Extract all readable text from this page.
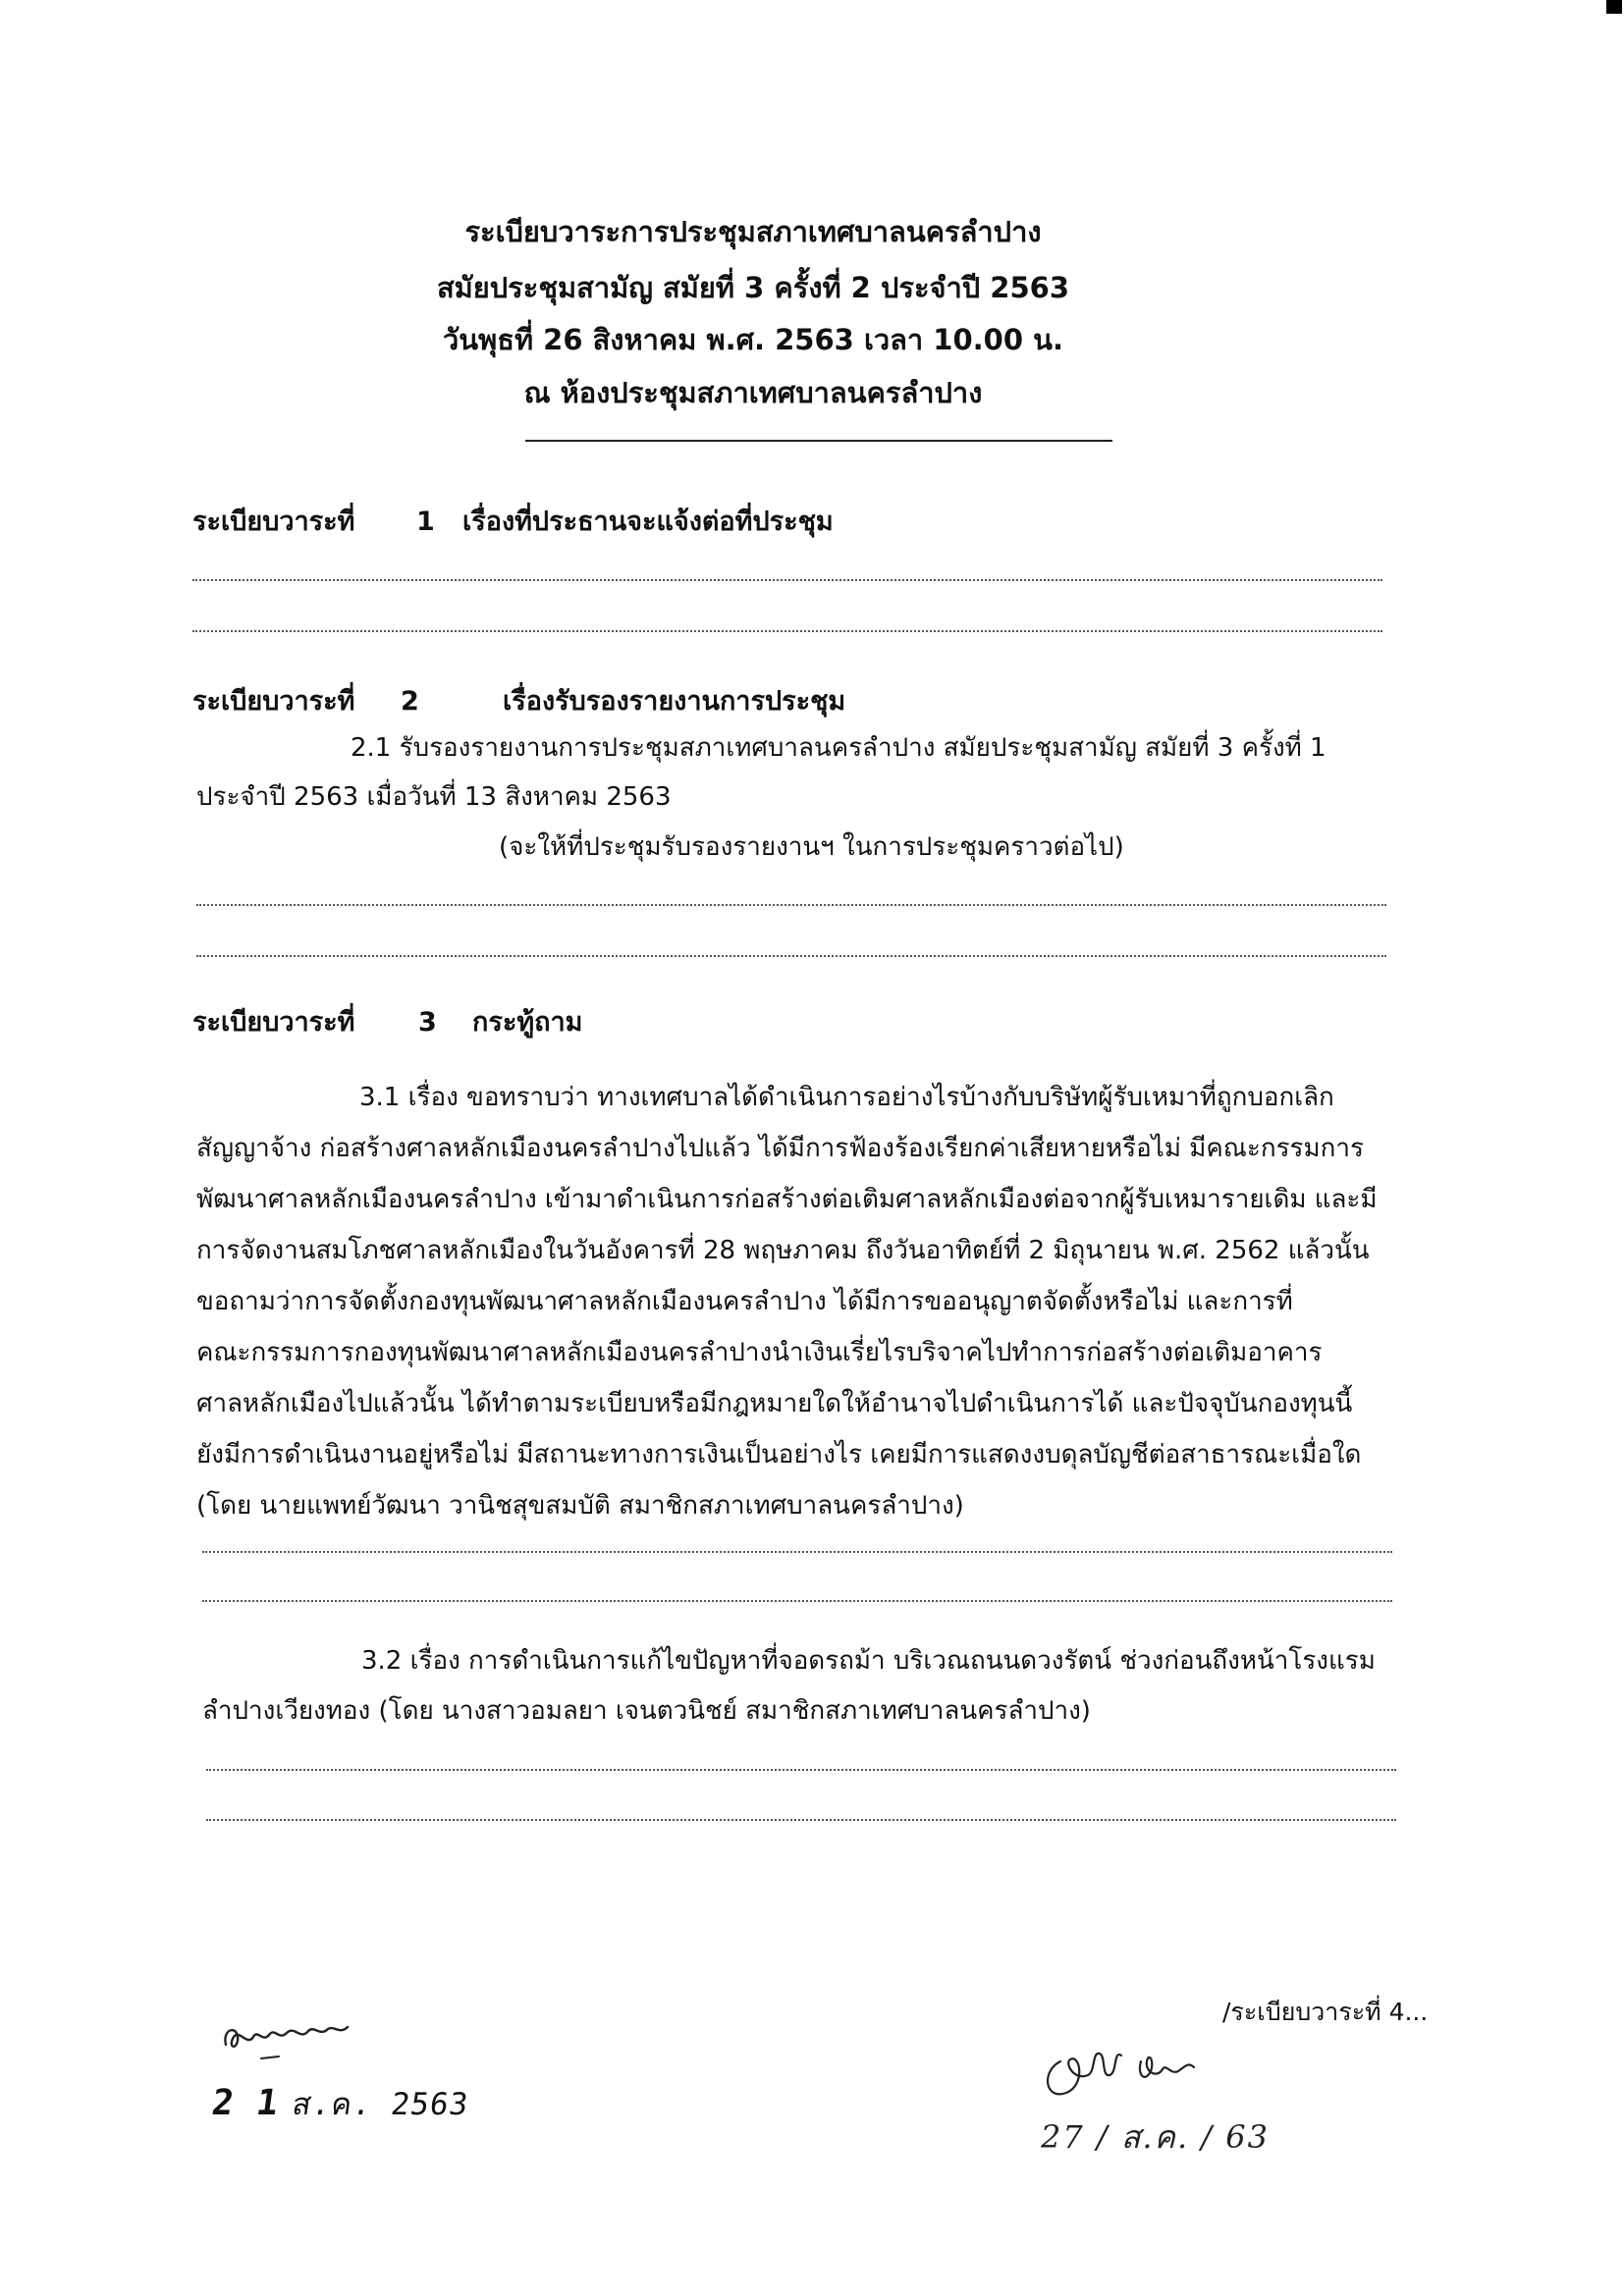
ระเบียบวาระการประชุมสภาเทศบาลนครลำปาง
สมัยประชุมสามัญ สมัยที่ 3 ครั้งที่ 2 ประจำปี 2563
วันพุธที่ 26 สิงหาคม พ.ศ. 2563 เวลา 10.00 น.
ณ ห้องประชุมสภาเทศบาลนครลำปาง
ระเบียบวาระที่ 1 เรื่องที่ประธานจะแจ้งต่อที่ประชุม
ระเบียบวาระที่ 2	เรื่องรับรองรายงานการประชุม
2.1 รับรองรายงานการประชุมสภาเทศบาลนครลำปาง สมัยประชุมสามัญ สมัยที่ 3 ครั้งที่ 1
ประจำปี 2563 เมื่อวันที่ 13 สิงหาคม 2563
(จะให้ที่ประชุมรับรองรายงานฯ ในการประชุมคราวต่อไป)
ระเบียบวาระที่ 3 กระทู้ถาม
3.1 เรื่อง ขอทราบว่า ทางเทศบาลได้ดำเนินการอย่างไรบ้างกับบริษัทผู้รับเหมาที่ถูกบอกเลิก
สัญญาจ้าง ก่อสร้างศาลหลักเมืองนครลำปางไปแล้ว ได้มีการฟ้องร้องเรียกค่าเสียหายหรือไม่ มีคณะกรรมการ
พัฒนาศาลหลักเมืองนครลำปาง เข้ามาดำเนินการก่อสร้างต่อเติมศาลหลักเมืองต่อจากผู้รับเหมารายเดิม และมี
การจัดงานสมโภชศาลหลักเมืองในวันอังคารที่ 28 พฤษภาคม ถึงวันอาทิตย์ที่ 2 มิถุนายน พ.ศ. 2562 แล้วนั้น
ขอถามว่าการจัดตั้งกองทุนพัฒนาศาลหลักเมืองนครลำปาง ได้มีการขออนุญาตจัดตั้งหรือไม่ และการที่
คณะกรรมการกองทุนพัฒนาศาลหลักเมืองนครลำปางนำเงินเรี่ยไรบริจาคไปทำการก่อสร้างต่อเติมอาคาร
ศาลหลักเมืองไปแล้วนั้น ได้ทำตามระเบียบหรือมีกฎหมายใดให้อำนาจไปดำเนินการได้ และปัจจุบันกองทุนนี้
ยังมีการดำเนินงานอยู่หรือไม่ มีสถานะทางการเงินเป็นอย่างไร เคยมีการแสดงงบดุลบัญชีต่อสาธารณะเมื่อใด
(โดย นายแพทย์วัฒนา วานิชสุขสมบัติ สมาชิกสภาเทศบาลนครลำปาง)
3.2 เรื่อง การดำเนินการแก้ไขปัญหาที่จอดรถม้า บริเวณถนนดวงรัตน์ ช่วงก่อนถึงหน้าโรงแรม
ลำปางเวียงทอง (โดย นางสาวอมลยา เจนตวนิชย์ สมาชิกสภาเทศบาลนครลำปาง)
/ระเบียบวาระที่ 4...
2 1 ส.ค. 2563
27 / ส.ค. / 63
